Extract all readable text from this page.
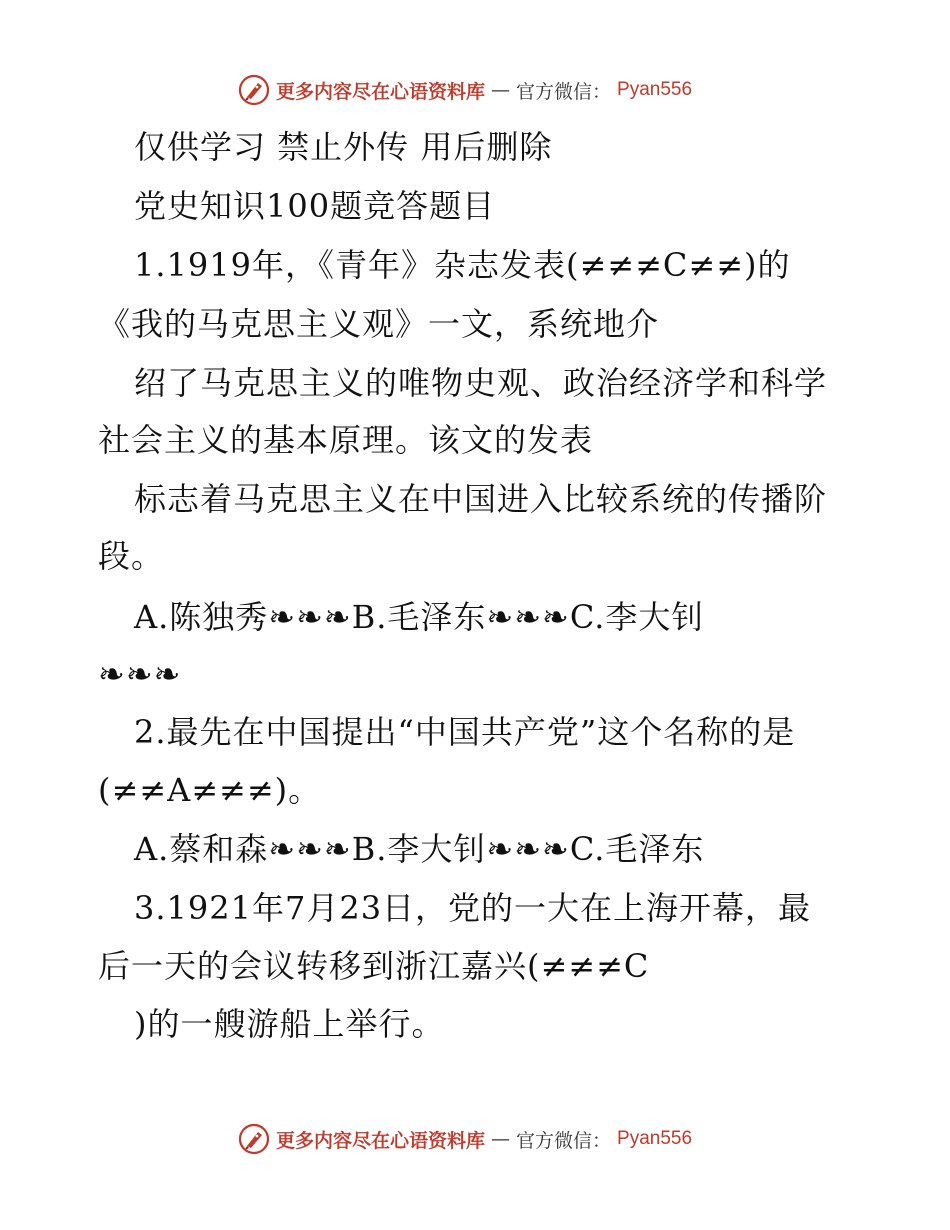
更多内容尽在心语资料库 — 官方微信： Pyan556
仅供学习 禁止外传 用后删除
党史知识100题竞答题目
1.1919年，《青年》杂志发表(≠≠≠C≠≠)的
《我的马克思主义观》一文，系统地介
绍了马克思主义的唯物史观、政治经济学和科学
社会主义的基本原理。该文的发表
标志着马克思主义在中国进入比较系统的传播阶
段。
A.陈独秀❧❧❧B.毛泽东❧❧❧C.李大钊
❧❧❧
2.最先在中国提出“中国共产党”这个名称的是
(≠≠A≠≠≠)。
A.蔡和森❧❧❧B.李大钊❧❧❧C.毛泽东
3.1921年7月23日，党的一大在上海开幕，最
后一天的会议转移到浙江嘉兴(≠≠≠C
)的一艘游船上举行。
更多内容尽在心语资料库 — 官方微信： Pyan556
